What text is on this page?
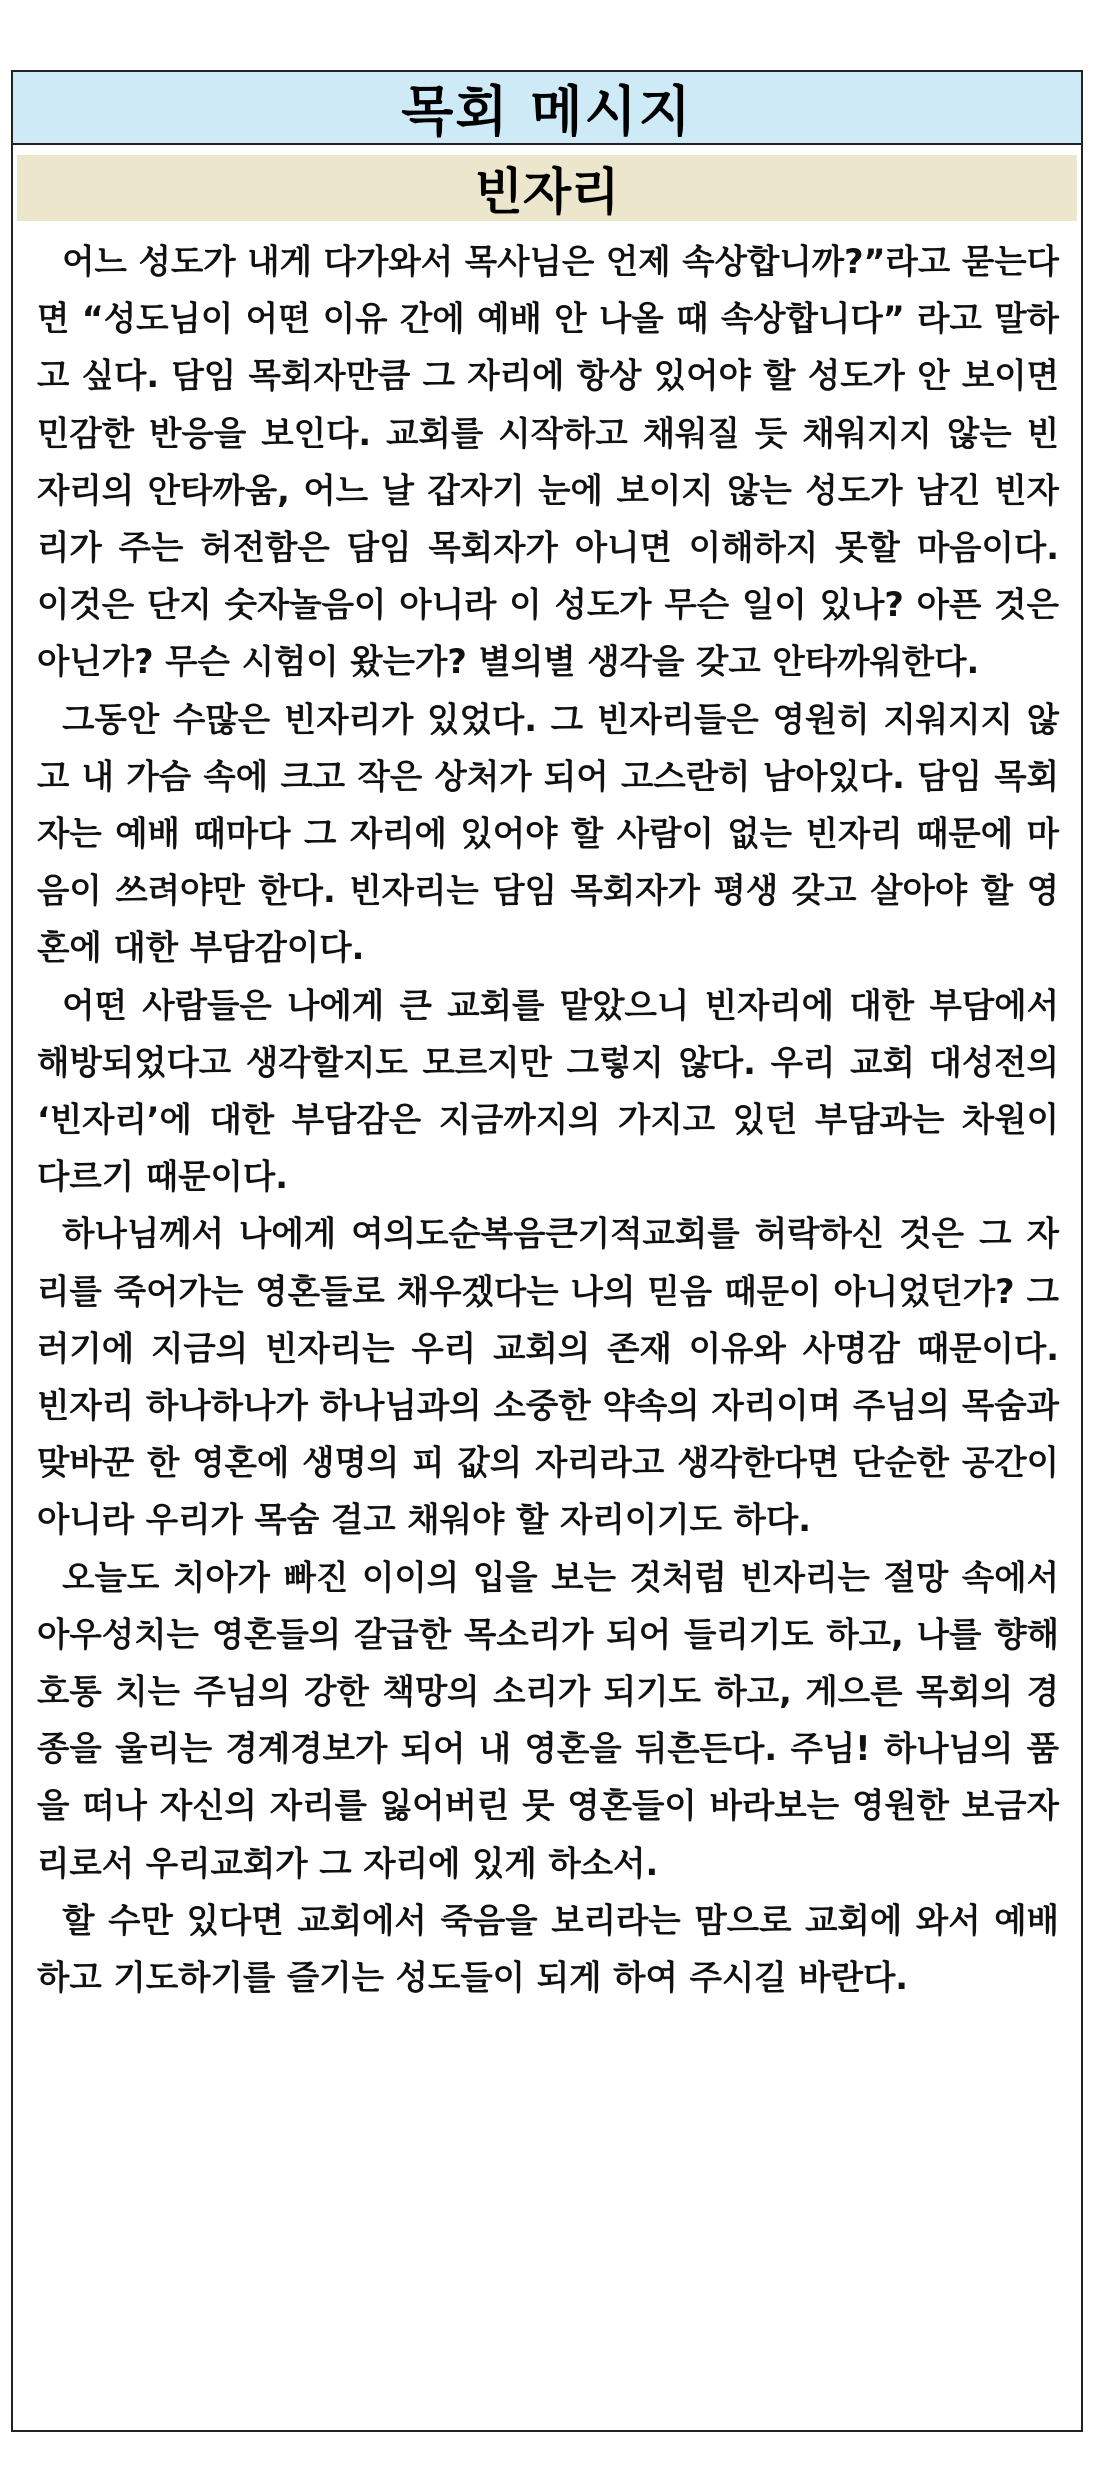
목회 메시지
빈자리

어느 성도가 내게 다가와서 목사님은 언제 속상합니까?”라고 묻는다면 “성도님이 어떤 이유 간에 예배 안 나올 때 속상합니다” 라고 말하고 싶다. 담임 목회자만큼 그 자리에 항상 있어야 할 성도가 안 보이면 민감한 반응을 보인다. 교회를 시작하고 채워질 듯 채워지지 않는 빈자리의 안타까움, 어느 날 갑자기 눈에 보이지 않는 성도가 남긴 빈자리가 주는 허전함은 담임 목회자가 아니면 이해하지 못할 마음이다. 이것은 단지 숫자놀음이 아니라 이 성도가 무슨 일이 있나? 아픈 것은 아닌가? 무슨 시험이 왔는가? 별의별 생각을 갖고 안타까워한다.

그동안 수많은 빈자리가 있었다. 그 빈자리들은 영원히 지워지지 않고 내 가슴 속에 크고 작은 상처가 되어 고스란히 남아있다. 담임 목회자는 예배 때마다 그 자리에 있어야 할 사람이 없는 빈자리 때문에 마음이 쓰려야만 한다. 빈자리는 담임 목회자가 평생 갖고 살아야 할 영혼에 대한 부담감이다.

어떤 사람들은 나에게 큰 교회를 맡았으니 빈자리에 대한 부담에서 해방되었다고 생각할지도 모르지만 그렇지 않다. 우리 교회 대성전의 ‘빈자리’에 대한 부담감은 지금까지의 가지고 있던 부담과는 차원이 다르기 때문이다.

하나님께서 나에게 여의도순복음큰기적교회를 허락하신 것은 그 자리를 죽어가는 영혼들로 채우겠다는 나의 믿음 때문이 아니었던가? 그러기에 지금의 빈자리는 우리 교회의 존재 이유와 사명감 때문이다. 빈자리 하나하나가 하나님과의 소중한 약속의 자리이며 주님의 목숨과 맞바꾼 한 영혼에 생명의 피 값의 자리라고 생각한다면 단순한 공간이 아니라 우리가 목숨 걸고 채워야 할 자리이기도 하다.

오늘도 치아가 빠진 이이의 입을 보는 것처럼 빈자리는 절망 속에서 아우성치는 영혼들의 갈급한 목소리가 되어 들리기도 하고, 나를 향해 호통 치는 주님의 강한 책망의 소리가 되기도 하고, 게으른 목회의 경종을 울리는 경계경보가 되어 내 영혼을 뒤흔든다. 주님! 하나님의 품을 떠나 자신의 자리를 잃어버린 뭇 영혼들이 바라보는 영원한 보금자리로서 우리교회가 그 자리에 있게 하소서.

할 수만 있다면 교회에서 죽음을 보리라는 맘으로 교회에 와서 예배하고 기도하기를 즐기는 성도들이 되게 하여 주시길 바란다.
